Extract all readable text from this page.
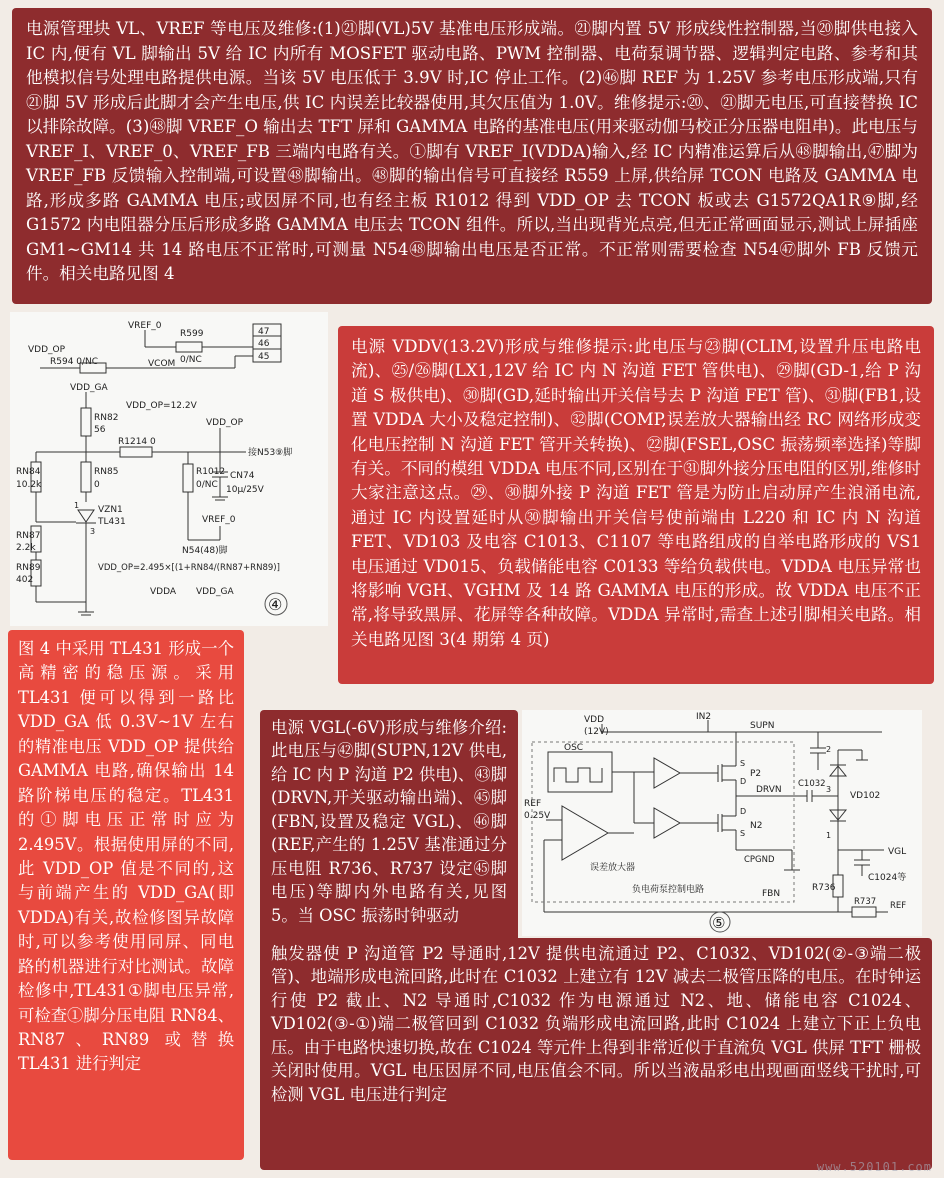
电源管理块 VL、VREF 等电压及维修:(1)㉑脚(VL)5V 基准电压形成端。㉑脚内置 5V 形成线性控制器,当⑳脚供电接入 IC 内,便有 VL 脚输出 5V 给 IC 内所有 MOSFET 驱动电路、PWM 控制器、电荷泵调节器、逻辑判定电路、参考和其他模拟信号处理电路提供电源。当该 5V 电压低于 3.9V 时,IC 停止工作。(2)㊻脚 REF 为 1.25V 参考电压形成端,只有㉑脚 5V 形成后此脚才会产生电压,供 IC 内误差比较器使用,其欠压值为 1.0V。维修提示:⑳、㉑脚无电压,可直接替换 IC 以排除故障。(3)㊽脚 VREF_O 输出去 TFT 屏和 GAMMA 电路的基准电压(用来驱动伽马校正分压器电阻串)。此电压与 VREF_I、VREF_0、VREF_FB 三端内电路有关。①脚有 VREF_I(VDDA)输入,经 IC 内精准运算后从㊽脚输出,㊼脚为 VREF_FB 反馈输入控制端,可设置㊽脚输出。㊽脚的输出信号可直接经 R559 上屏,供给屏 TCON 电路及 GAMMA 电路,形成多路 GAMMA 电压;或因屏不同,也有经主板 R1012 得到 VDD_OP 去 TCON 板或去 G1572QA1R⑨脚,经 G1572 内电阻器分压后形成多路 GAMMA 电压去 TCON 组件。所以,当出现背光点亮,但无正常画面显示,测试上屏插座 GM1~GM14 共 14 路电压不正常时,可测量 N54㊽脚输出电压是否正常。不正常则需要检查 N54㊼脚外 FB 反馈元件。相关电路见图 4
47
46
45
VREF_0
R599
0/NC
VDD_OP
R594 0/NC	VCOM
VDD_GA
RN82
56
VDD_OP=12.2V
VDD_OP
R1214 0
接N53⑨脚
RN84
10.2k
RN85
0
R1012
0/NC
CN74
10μ/25V
VZN1
TL431
1
3
RN87
2.2k
VREF_0
N54(48)脚
RN89
402
VDD_OP=2.495×[(1+RN84/(RN87+RN89)]
VDDA VDD_GA
④
电源 VDDV(13.2V)形成与维修提示:此电压与㉓脚(CLIM,设置升压电路电流)、㉕/㉖脚(LX1,12V 给 IC 内 N 沟道 FET 管供电)、㉙脚(GD-1,给 P 沟道 S 极供电)、㉚脚(GD,延时输出开关信号去 P 沟道 FET 管)、㉛脚(FB1,设置 VDDA 大小及稳定控制)、㉜脚(COMP,误差放大器输出经 RC 网络形成变化电压控制 N 沟道 FET 管开关转换)、㉒脚(FSEL,OSC 振荡频率选择)等脚有关。不同的模组 VDDA 电压不同,区别在于㉛脚外接分压电阻的区别,维修时大家注意这点。㉙、㉚脚外接 P 沟道 FET 管是为防止启动屏产生浪涌电流,通过 IC 内设置延时从㉚脚输出开关信号使前端由 L220 和 IC 内 N 沟道 FET、VD103 及电容 C1013、C1107 等电路组成的自举电路形成的 VS1 电压通过 VD015、负载储能电容 C0133 等给负载供电。VDDA 电压异常也将影响 VGH、VGHM 及 14 路 GAMMA 电压的形成。故 VDDA 电压不正常,将导致黑屏、花屏等各种故障。VDDA 异常时,需查上述引脚相关电路。相关电路见图 3(4 期第 4 页)
图 4 中采用 TL431 形成一个高精密的稳压源。采用 TL431 便可以得到一路比 VDD_GA 低 0.3V~1V 左右的精准电压 VDD_OP 提供给 GAMMA 电路,确保输出 14 路阶梯电压的稳定。TL431 的①脚电压正常时应为 2.495V。根据使用屏的不同,此 VDD_OP 值是不同的,这与前端产生的 VDD_GA(即 VDDA)有关,故检修图异故障时,可以参考使用同屏、同电路的机器进行对比测试。故障检修中,TL431①脚电压异常,可检查①脚分压电阻 RN84、RN87、RN89 或替换 TL431 进行判定
电源 VGL(-6V)形成与维修介绍:此电压与㊷脚(SUPN,12V 供电,给 IC 内 P 沟道 P2 供电)、㊸脚(DRVN,开关驱动输出端)、㊺脚(FBN,设置及稳定 VGL)、㊻脚(REF,产生的 1.25V 基准通过分压电阻 R736、R737 设定㊺脚电压)等脚内外电路有关,见图 5。当 OSC 振荡时钟驱动
触发器使 P 沟道管 P2 导通时,12V 提供电流通过 P2、C1032、VD102(②-③端二极管)、地端形成电流回路,此时在 C1032 上建立有 12V 减去二极管压降的电压。在时钟运行使 P2 截止、N2 导通时,C1032 作为电源通过 N2、地、储能电容 C1024、VD102(③-①)端二极管回到 C1032 负端形成电流回路,此时 C1024 上建立下正上负电压。由于电路快速切换,故在 C1024 等元件上得到非常近似于直流负 VGL 供屏 TFT 栅极关闭时使用。VGL 电压因屏不同,电压值会不同。所以当液晶彩电出现画面竖线干扰时,可检测 VGL 电压进行判定
VDD
(12V)
IN2
SUPN
OSC
S
D
P2
DRVN
C1032
VD102
2
3
1
REF
0.25V
N2
D
S
误差放大器
CPGND
VGL
R736
C1024等
负电荷泵控制电路	FBN
R737 REF
⑤
www.520101.com
